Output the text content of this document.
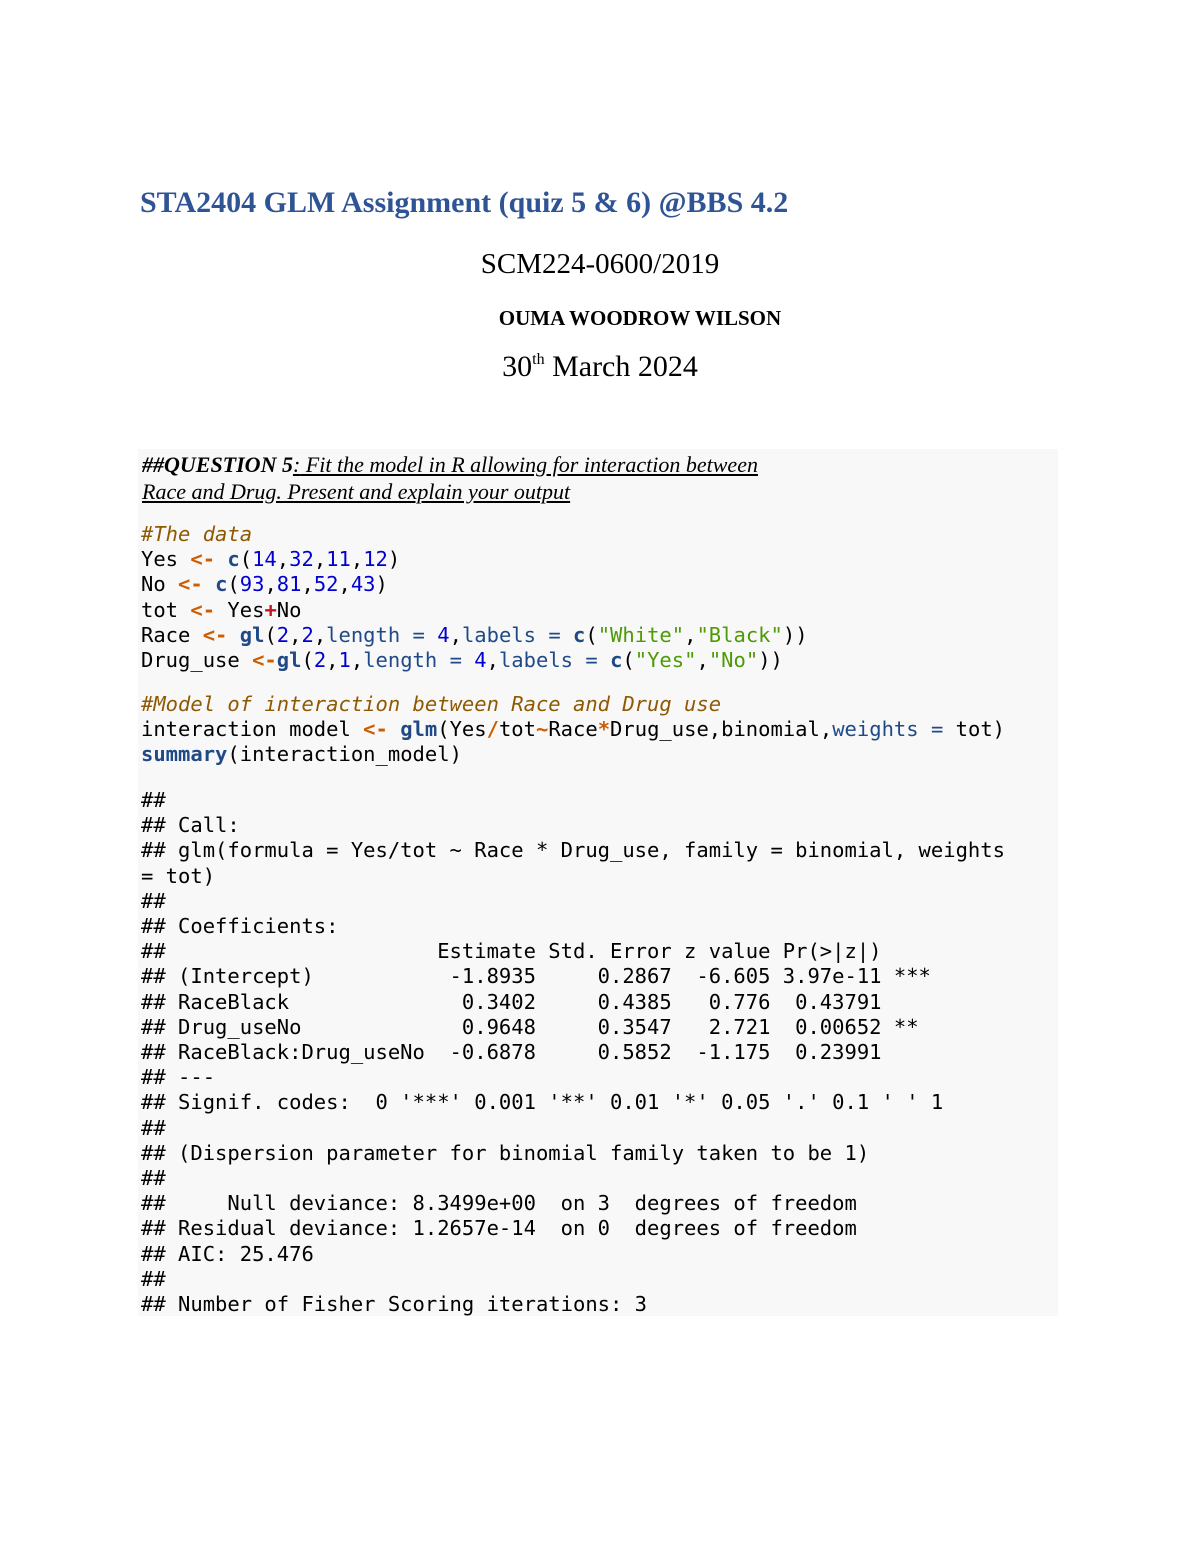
STA2404 GLM Assignment (quiz 5 & 6) @BBS 4.2
SCM224-0600/2019
OUMA WOODROW WILSON
30th March 2024
##QUESTION 5: Fit the model in R allowing for interaction between
Race and Drug. Present and explain your output
#The data
Yes <- c(14,32,11,12)
No <- c(93,81,52,43)
tot <- Yes+No
Race <- gl(2,2,length = 4,labels = c("White","Black"))
Drug_use <-gl(2,1,length = 4,labels = c("Yes","No"))
#Model of interaction between Race and Drug use
interaction model <- glm(Yes/tot~Race*Drug_use,binomial,weights = tot)
summary(interaction_model)
##
## Call:
## glm(formula = Yes/tot ~ Race * Drug_use, family = binomial, weights
= tot)
##
## Coefficients:
##                      Estimate Std. Error z value Pr(>|z|)
## (Intercept)           -1.8935     0.2867  -6.605 3.97e-11 ***
## RaceBlack              0.3402     0.4385   0.776  0.43791
## Drug_useNo             0.9648     0.3547   2.721  0.00652 **
## RaceBlack:Drug_useNo  -0.6878     0.5852  -1.175  0.23991
## ---
## Signif. codes:  0 '***' 0.001 '**' 0.01 '*' 0.05 '.' 0.1 ' ' 1
##
## (Dispersion parameter for binomial family taken to be 1)
##
##     Null deviance: 8.3499e+00  on 3  degrees of freedom
## Residual deviance: 1.2657e-14  on 0  degrees of freedom
## AIC: 25.476
##
## Number of Fisher Scoring iterations: 3
